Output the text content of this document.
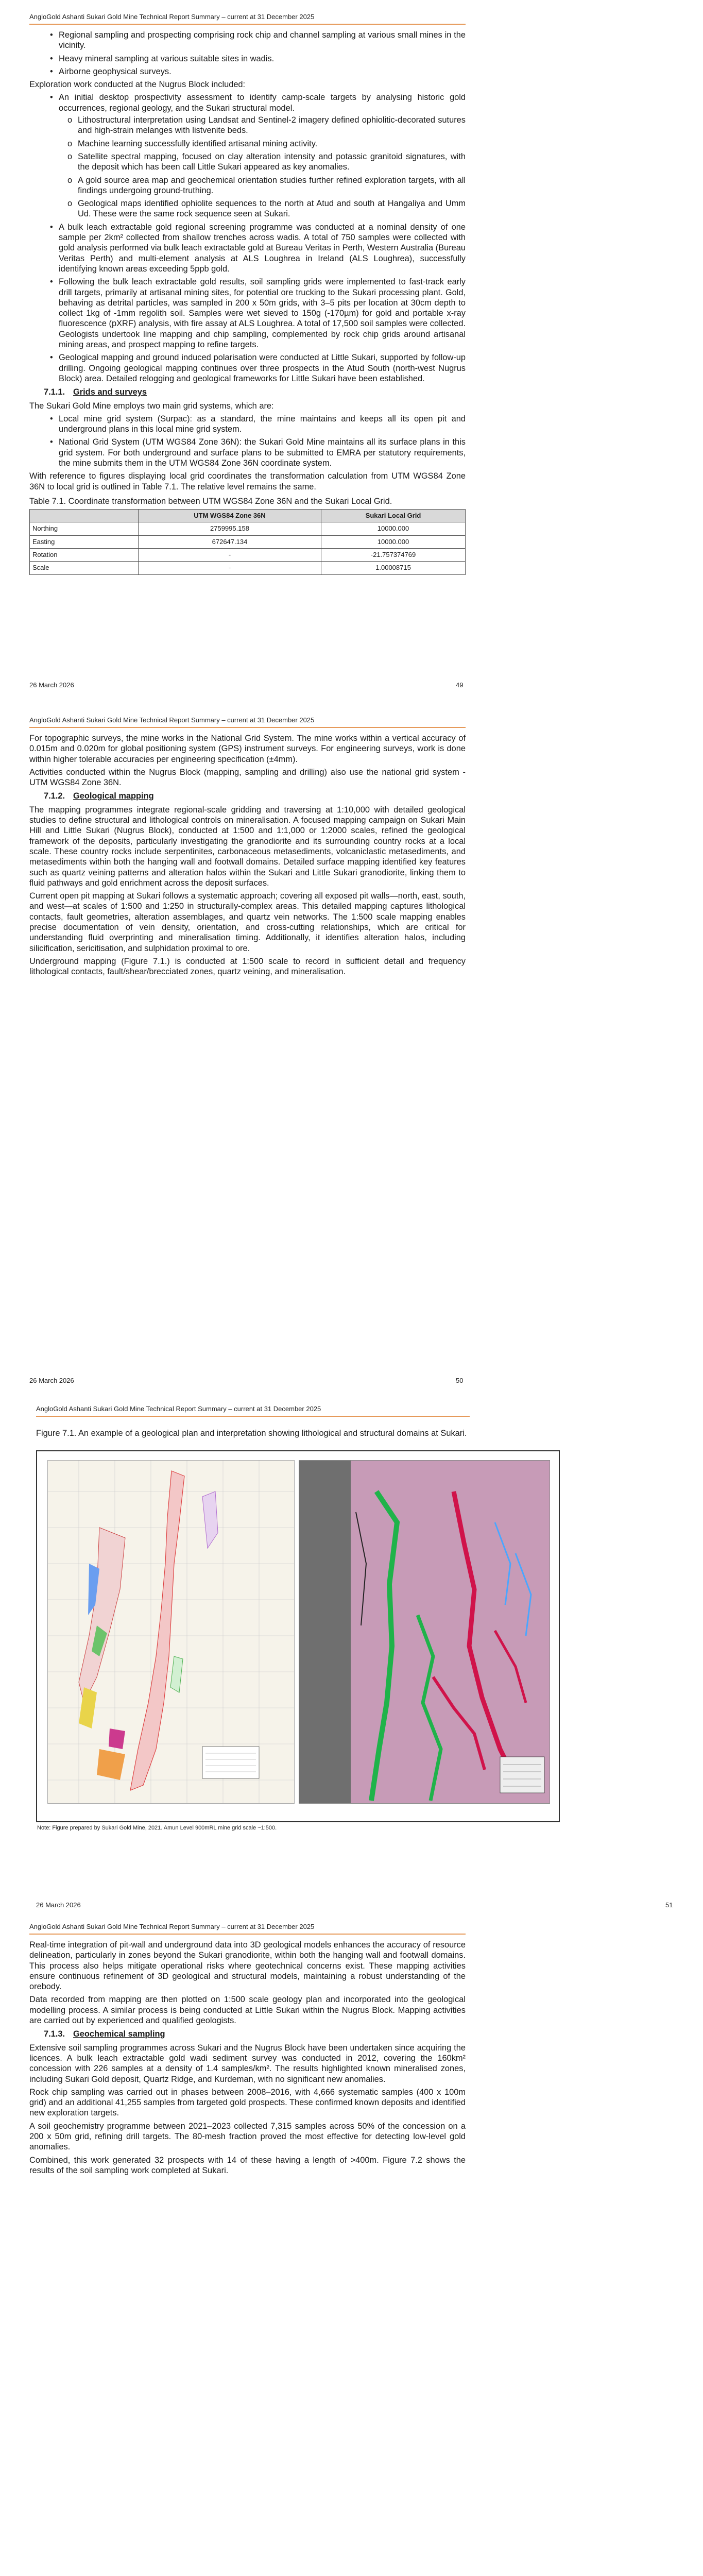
AngloGold Ashanti Sukari Gold Mine Technical Report Summary – current at 31 December 2025
• Regional sampling and prospecting comprising rock chip and channel sampling at various small mines in the vicinity.
• Heavy mineral sampling at various suitable sites in wadis.
• Airborne geophysical surveys.

Exploration work conducted at the Nugrus Block included:

• An initial desktop prospectivity assessment to identify camp-scale targets by analysing historic gold occurrences, regional geology, and the Sukari structural model.
o Lithostructural interpretation using Landsat and Sentinel-2 imagery defined ophiolitic-decorated sutures and high-strain melanges with listvenite beds.
o Machine learning successfully identified artisanal mining activity.
o Satellite spectral mapping, focused on clay alteration intensity and potassic granitoid signatures, with the deposit which has been call Little Sukari appeared as key anomalies.
o A gold source area map and geochemical orientation studies further refined exploration targets, with all findings undergoing ground-truthing.
o Geological maps identified ophiolite sequences to the north at Atud and south at Hangaliya and Umm Ud. These were the same rock sequence seen at Sukari.
• A bulk leach extractable gold regional screening programme was conducted at a nominal density of one sample per 2km² collected from shallow trenches across wadis. A total of 750 samples were collected with gold analysis performed via bulk leach extractable gold at Bureau Veritas in Perth, Western Australia (Bureau Veritas Perth) and multi-element analysis at ALS Loughrea in Ireland (ALS Loughrea), successfully identifying known areas exceeding 5ppb gold.
• Following the bulk leach extractable gold results, soil sampling grids were implemented to fast-track early drill targets, primarily at artisanal mining sites, for potential ore trucking to the Sukari processing plant. Gold, behaving as detrital particles, was sampled in 200 x 50m grids, with 3–5 pits per location at 30cm depth to collect 1kg of -1mm regolith soil. Samples were wet sieved to 150g (-170µm) for gold and portable x-ray fluorescence (pXRF) analysis, with fire assay at ALS Loughrea. A total of 17,500 soil samples were collected. Geologists undertook line mapping and chip sampling, complemented by rock chip grids around artisanal mining areas, and prospect mapping to refine targets.
• Geological mapping and ground induced polarisation were conducted at Little Sukari, supported by follow-up drilling. Ongoing geological mapping continues over three prospects in the Atud South (north-west Nugrus Block) area. Detailed relogging and geological frameworks for Little Sukari have been established.
7.1.1. Grids and surveys

The Sukari Gold Mine employs two main grid systems, which are:

• Local mine grid system (Surpac): as a standard, the mine maintains and keeps all its open pit and underground plans in this local mine grid system.
• National Grid System (UTM WGS84 Zone 36N): the Sukari Gold Mine maintains all its surface plans in this grid system. For both underground and surface plans to be submitted to EMRA per statutory requirements, the mine submits them in the UTM WGS84 Zone 36N coordinate system.

With reference to figures displaying local grid coordinates the transformation calculation from UTM WGS84 Zone 36N to local grid is outlined in Table 7.1. The relative level remains the same.

Table 7.1. Coordinate transformation between UTM WGS84 Zone 36N and the Sukari Local Grid.

	UTM WGS84 Zone 36N	Sukari Local Grid
Northing	2759995.158	10000.000
Easting	672647.134	10000.000
Rotation	-	-21.757374769
Scale	-	1.00008715
26 March 2026	49
AngloGold Ashanti Sukari Gold Mine Technical Report Summary – current at 31 December 2025

For topographic surveys, the mine works in the National Grid System. The mine works within a vertical accuracy of 0.015m and 0.020m for global positioning system (GPS) instrument surveys. For engineering surveys, work is done within higher tolerable accuracies per engineering specification (±4mm).

Activities conducted within the Nugrus Block (mapping, sampling and drilling) also use the national grid system - UTM WGS84 Zone 36N.

7.1.2. Geological mapping

The mapping programmes integrate regional-scale gridding and traversing at 1:10,000 with detailed geological studies to define structural and lithological controls on mineralisation. A focused mapping campaign on Sukari Main Hill and Little Sukari (Nugrus Block), conducted at 1:500 and 1:1,000 or 1:2000 scales, refined the geological framework of the deposits, particularly investigating the granodiorite and its surrounding country rocks at a local scale. These country rocks include serpentinites, carbonaceous metasediments, volcaniclastic metasediments, and metasediments within both the hanging wall and footwall domains. Detailed surface mapping identified key features such as quartz veining patterns and alteration halos within the Sukari and Little Sukari granodiorite, linking them to fluid pathways and gold enrichment across the deposit surfaces.

Current open pit mapping at Sukari follows a systematic approach; covering all exposed pit walls—north, east, south, and west—at scales of 1:500 and 1:250 in structurally-complex areas. This detailed mapping captures lithological contacts, fault geometries, alteration assemblages, and quartz vein networks. The 1:500 scale mapping enables precise documentation of vein density, orientation, and cross-cutting relationships, which are critical for understanding fluid overprinting and mineralisation timing. Additionally, it identifies alteration halos, including silicification, sericitisation, and sulphidation proximal to ore.

Underground mapping (Figure 7.1.) is conducted at 1:500 scale to record in sufficient detail and frequency lithological contacts, fault/shear/brecciated zones, quartz veining, and mineralisation.

26 March 2026	50
AngloGold Ashanti Sukari Gold Mine Technical Report Summary – current at 31 December 2025
Figure 7.1. An example of a geological plan and interpretation showing lithological and structural domains at Sukari.
Note: Figure prepared by Sukari Gold Mine, 2021. Amun Level 900mRL mine grid scale ~1:500.
26 March 2026	51
AngloGold Ashanti Sukari Gold Mine Technical Report Summary – current at 31 December 2025

Real-time integration of pit-wall and underground data into 3D geological models enhances the accuracy of resource delineation, particularly in zones beyond the Sukari granodiorite, within both the hanging wall and footwall domains. This process also helps mitigate operational risks where geotechnical concerns exist. These mapping activities ensure continuous refinement of 3D geological and structural models, maintaining a robust understanding of the orebody.

Data recorded from mapping are then plotted on 1:500 scale geology plan and incorporated into the geological modelling process. A similar process is being conducted at Little Sukari within the Nugrus Block. Mapping activities are carried out by experienced and qualified geologists.

7.1.3. Geochemical sampling

Extensive soil sampling programmes across Sukari and the Nugrus Block have been undertaken since acquiring the licences. A bulk leach extractable gold wadi sediment survey was conducted in 2012, covering the 160km² concession with 226 samples at a density of 1.4 samples/km². The results highlighted known mineralised zones, including Sukari Gold deposit, Quartz Ridge, and Kurdeman, with no significant new anomalies.

Rock chip sampling was carried out in phases between 2008–2016, with 4,666 systematic samples (400 x 100m grid) and an additional 41,255 samples from targeted gold prospects. These confirmed known deposits and identified new exploration targets.

A soil geochemistry programme between 2021–2023 collected 7,315 samples across 50% of the concession on a 200 x 50m grid, refining drill targets. The 80-mesh fraction proved the most effective for detecting low-level gold anomalies.

Combined, this work generated 32 prospects with 14 of these having a length of >400m. Figure 7.2 shows the results of the soil sampling work completed at Sukari.
